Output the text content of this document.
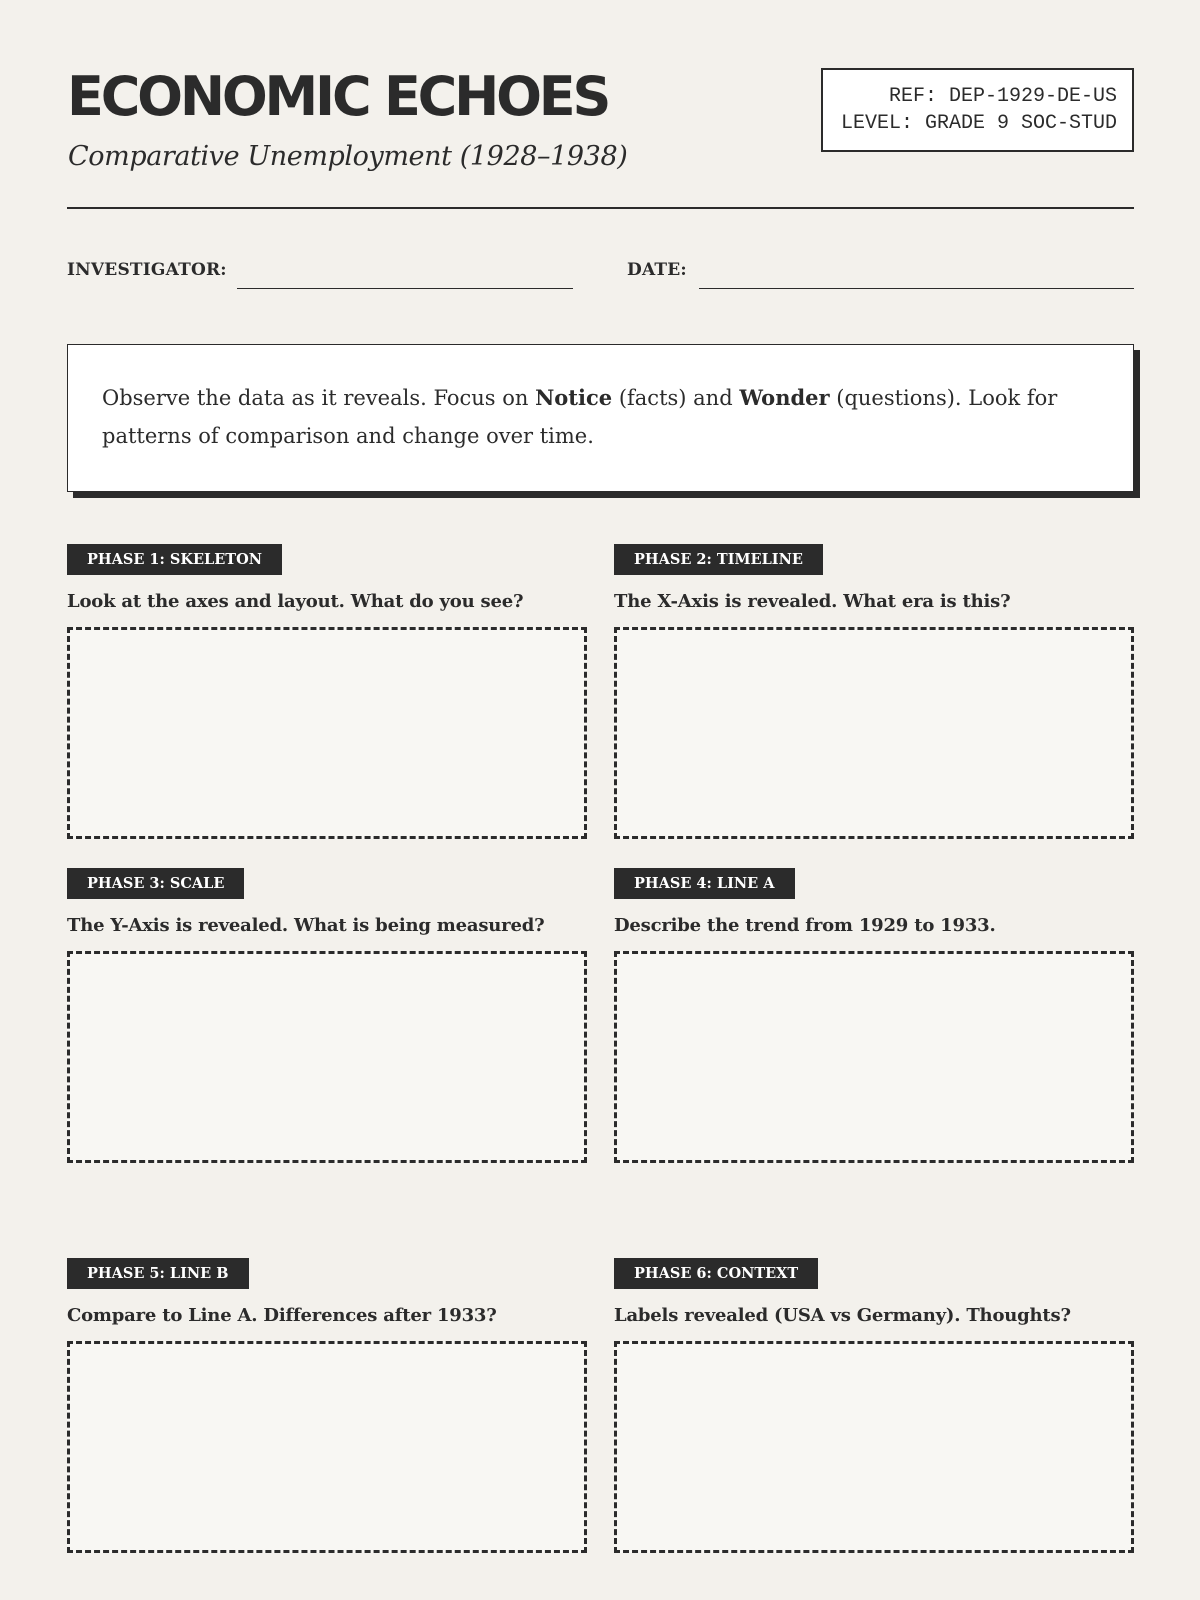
ECONOMIC ECHOES

Comparative Unemployment (1928–1938)

REF: DEP-1929-DE-US
LEVEL: GRADE 9 SOC-STUD
INVESTIGATOR:	DATE:
Observe the data as it reveals. Focus on Notice (facts) and Wonder (questions). Look for patterns of comparison and change over time.
PHASE 1: SKELETON
Look at the axes and layout. What do you see?
PHASE 2: TIMELINE
The X-Axis is revealed. What era is this?
PHASE 3: SCALE
The Y-Axis is revealed. What is being measured?
PHASE 4: LINE A
Describe the trend from 1929 to 1933.
PHASE 5: LINE B
Compare to Line A. Differences after 1933?
PHASE 6: CONTEXT
Labels revealed (USA vs Germany). Thoughts?
